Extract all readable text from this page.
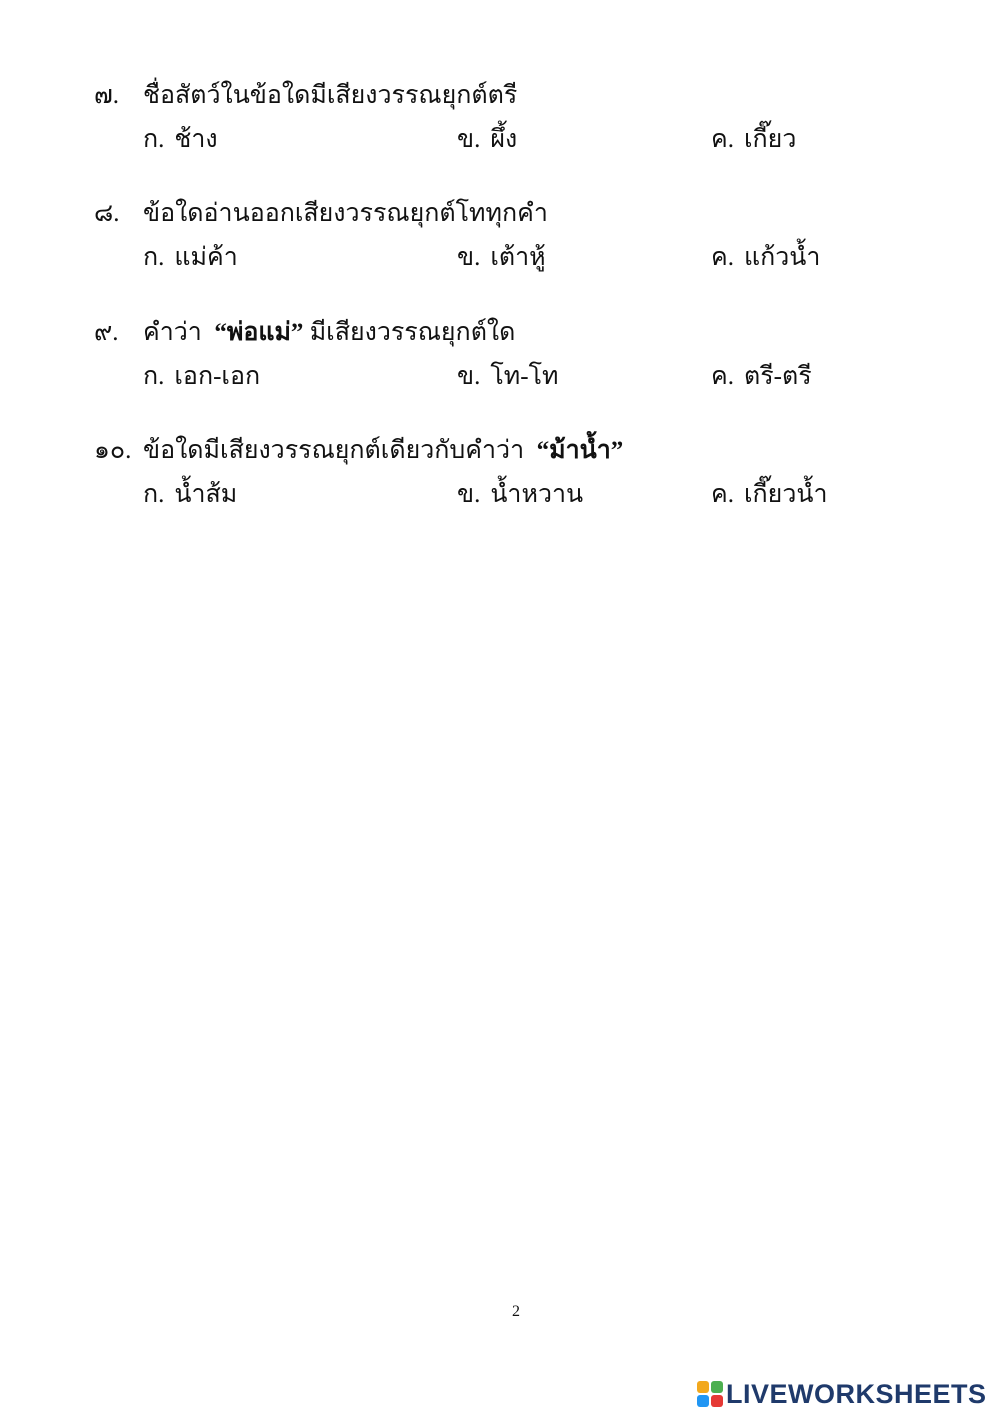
๗. ชื่อสัตว์ในข้อใดมีเสียงวรรณยุกต์ตรี
ก. ช้าง	ข. ผึ้ง	ค. เกี๊ยว
๘. ข้อใดอ่านออกเสียงวรรณยุกต์โททุกคำ
ก. แม่ค้า	ข. เต้าหู้	ค. แก้วน้ำ
๙. คำว่า “พ่อแม่” มีเสียงวรรณยุกต์ใด
ก. เอก-เอก	ข. โท-โท	ค. ตรี-ตรี
๑๐. ข้อใดมีเสียงวรรณยุกต์เดียวกับคำว่า “ม้าน้ำ”
ก. น้ำส้ม	ข. น้ำหวาน	ค. เกี๊ยวน้ำ
2
LIVEWORKSHEETS
